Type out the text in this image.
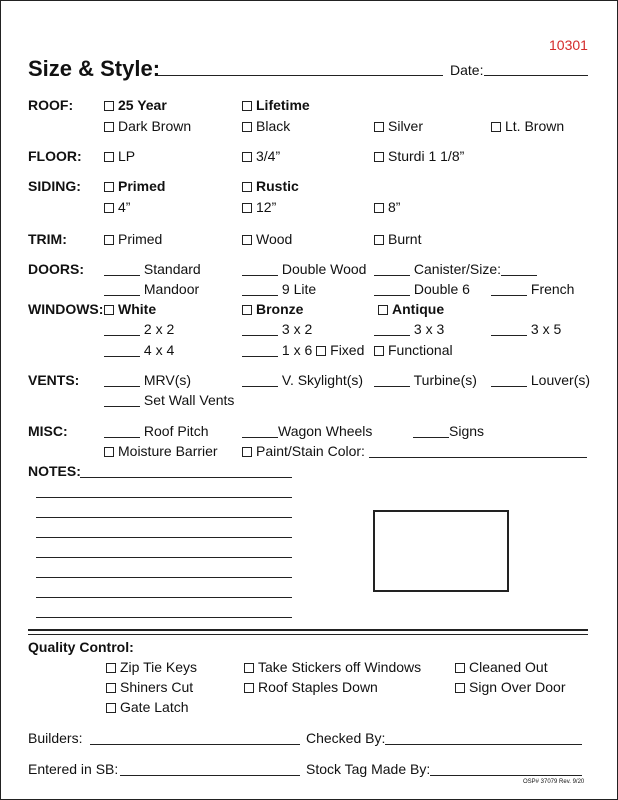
10301
Size & Style:	Date:
ROOF:	25 Year	Lifetime
Dark Brown	Black	Silver	Lt. Brown
FLOOR:	LP	3/4”	Sturdi 1 1/8”
SIDING:	Primed	Rustic
4”	12”	8”
TRIM:	Primed	Wood	Burnt
DOORS:	Standard	Double Wood	Canister/Size:
Mandoor	9 Lite	Double 6	French
WINDOWS:	White	Bronze	Antique
2 x 2	3 x 2	3 x 3	3 x 5
4 x 4	1 x 6 Fixed	Functional
VENTS:	MRV(s)	V. Skylight(s)	Turbine(s)	Louver(s)
Set Wall Vents
MISC:	Roof Pitch	Wagon Wheels	Signs
Moisture Barrier	Paint/Stain Color:
NOTES:
Quality Control:
Zip Tie Keys	Take Stickers off Windows	Cleaned Out
Shiners Cut	Roof Staples Down	Sign Over Door
Gate Latch
Builders:	Checked By:
Entered in SB:	Stock Tag Made By:
OSP# 37079 Rev. 9/20
